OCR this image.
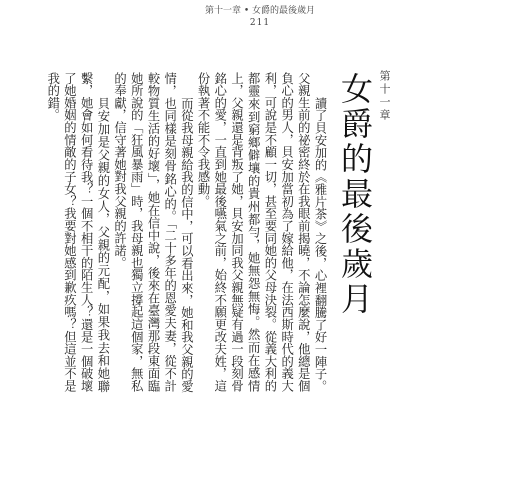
第十一章 • 女爵的最後歲月
211
第十一章
女爵的最後歲月

讀了貝安加的《雅片茶》之後，心裡翻騰了好一陣子。父親生前的祕密終於在我眼前揭曉，不論怎麼說，他總是個負心的男人，貝安加當初為了嫁給他，在法西斯時代的義大利，可說是不顧一切，甚至要同她的父母決裂。從義大利的都靈來到窮鄉僻壤的貴州都勻，她無怨無悔。然而在感情上，父親還是背叛了她，貝安加同我父親無疑有過一段刻骨銘心的愛，一直到她最後嚥氣之前，始終不願更改夫姓，這份執著不能不令我感動。

而從我母親給我的信中，可以看出來，她和我父親的愛情，也同樣是刻骨銘心的。「二十多年的恩愛夫妻，從不計較物質生活的好壞」，她在信中說，後來在臺灣那段東面臨她所說的「狂風暴雨」時，我母親也獨立撐起這個家，無私的奉獻，信守著她對我父親的許諾。

貝安加是父親的女人，父親的元配，如果我去和她聯繫，她會如何看待我？一個不相干的陌生人？還是一個破壞了她婚姻的情敵的子女？我要對她感到歉疚嗎？但這並不是我的錯。
